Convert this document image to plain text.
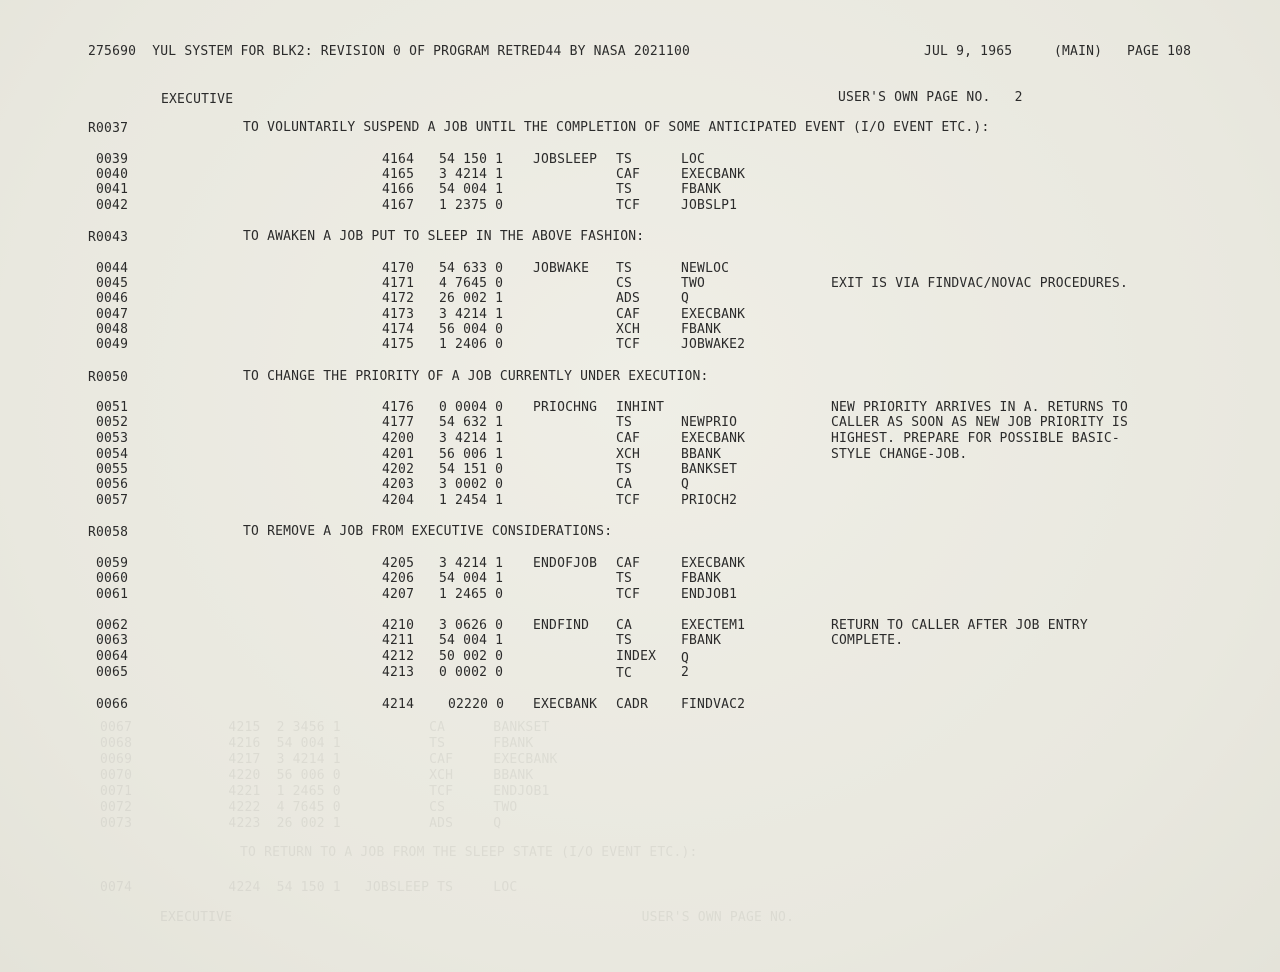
0067            4215  2 3456 1           CA      BANKSET
0068            4216  54 004 1           TS      FBANK
0069            4217  3 4214 1           CAF     EXECBANK
0070            4220  56 006 0           XCH     BBANK
0071            4221  1 2465 0           TCF     ENDJOB1
0072            4222  4 7645 0           CS      TWO
0073            4223  26 002 1           ADS     Q
TO RETURN TO A JOB FROM THE SLEEP STATE (I/O EVENT ETC.):
0074            4224  54 150 1   JOBSLEEP TS     LOC
EXECUTIVE                                                   USER'S OWN PAGE NO.
275690  YUL SYSTEM FOR BLK2: REVISION 0 OF PROGRAM RETRED44 BY NASA 2021100	JUL 9, 1965	(MAIN) PAGE 108
EXECUTIVE	USER'S OWN PAGE NO.   2
R0037	TO VOLUNTARILY SUSPEND A JOB UNTIL THE COMPLETION OF SOME ANTICIPATED EVENT (I/O EVENT ETC.):
0039	4164 54 150 1 JOBSLEEP TS	LOC
0040	4165 3 4214 1	CAF	EXECBANK
0041	4166 54 004 1	TS	FBANK
0042	4167 1 2375 0	TCF	JOBSLP1
R0043	TO AWAKEN A JOB PUT TO SLEEP IN THE ABOVE FASHION:
0044	4170 54 633 0 JOBWAKE TS	NEWLOC
0045	4171 4 7645 0	CS	TWO	EXIT IS VIA FINDVAC/NOVAC PROCEDURES.
0046	4172 26 002 1	ADS	Q
0047	4173 3 4214 1	CAF	EXECBANK
0048	4174 56 004 0	XCH	FBANK
0049	4175 1 2406 0	TCF	JOBWAKE2
R0050	TO CHANGE THE PRIORITY OF A JOB CURRENTLY UNDER EXECUTION:
0051	4176 0 0004 0 PRIOCHNG INHINT	NEW PRIORITY ARRIVES IN A. RETURNS TO
0052	4177 54 632 1	TS	NEWPRIO	CALLER AS SOON AS NEW JOB PRIORITY IS
0053	4200 3 4214 1	CAF	EXECBANK	HIGHEST. PREPARE FOR POSSIBLE BASIC-
0054	4201 56 006 1	XCH	BBANK	STYLE CHANGE-JOB.
0055	4202 54 151 0	TS	BANKSET
0056	4203 3 0002 0	CA	Q
0057	4204 1 2454 1	TCF	PRIOCH2
R0058	TO REMOVE A JOB FROM EXECUTIVE CONSIDERATIONS:
0059	4205 3 4214 1 ENDOFJOB CAF	EXECBANK
0060	4206 54 004 1	TS	FBANK
0061	4207 1 2465 0	TCF	ENDJOB1
0062	4210 3 0626 0 ENDFIND CA	EXECTEM1	RETURN TO CALLER AFTER JOB ENTRY
0063	4211 54 004 1	TS	FBANK	COMPLETE.
0064	4212 50 002 0	INDEX Q
0065	4213 0 0002 0	TC	2
0066	4214	02220 0 EXECBANK CADR	FINDVAC2
